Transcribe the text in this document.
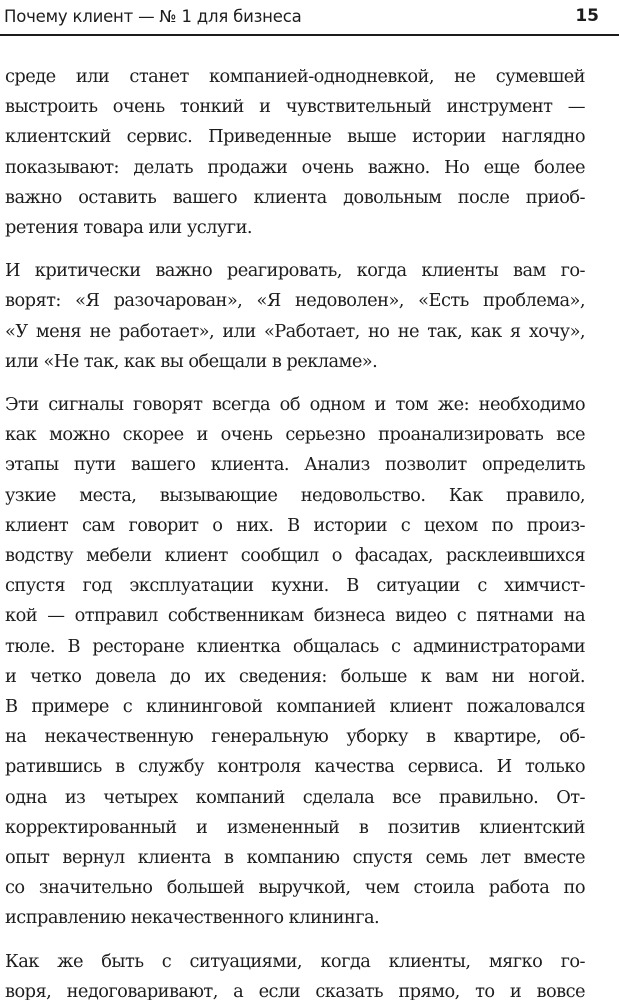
Почему клиент — № 1 для бизнеса	15

среде или станет компанией-однодневкой, не сумевшей
выстроить очень тонкий и чувствительный инструмент —
клиентский сервис. Приведенные выше истории наглядно
показывают: делать продажи очень важно. Но еще более
важно оставить вашего клиента довольным после приоб-
ретения товара или услуги.

И критически важно реагировать, когда клиенты вам го-
ворят: «Я разочарован», «Я недоволен», «Есть проблема»,
«У меня не работает», или «Работает, но не так, как я хочу»,
или «Не так, как вы обещали в рекламе».

Эти сигналы говорят всегда об одном и том же: необходимо
как можно скорее и очень серьезно проанализировать все
этапы пути вашего клиента. Анализ позволит определить
узкие места, вызывающие недовольство. Как правило,
клиент сам говорит о них. В истории с цехом по произ-
водству мебели клиент сообщил о фасадах, расклеившихся
спустя год эксплуатации кухни. В ситуации с химчист-
кой — отправил собственникам бизнеса видео с пятнами на
тюле. В ресторане клиентка общалась с администраторами
и четко довела до их сведения: больше к вам ни ногой.
В примере с клининговой компанией клиент пожаловался
на некачественную генеральную уборку в квартире, об-
ратившись в службу контроля качества сервиса. И только
одна из четырех компаний сделала все правильно. От-
корректированный и измененный в позитив клиентский
опыт вернул клиента в компанию спустя семь лет вместе
со значительно большей выручкой, чем стоила работа по
исправлению некачественного клининга.

Как же быть с ситуациями, когда клиенты, мягко го-
воря, недоговаривают, а если сказать прямо, то и вовсе
